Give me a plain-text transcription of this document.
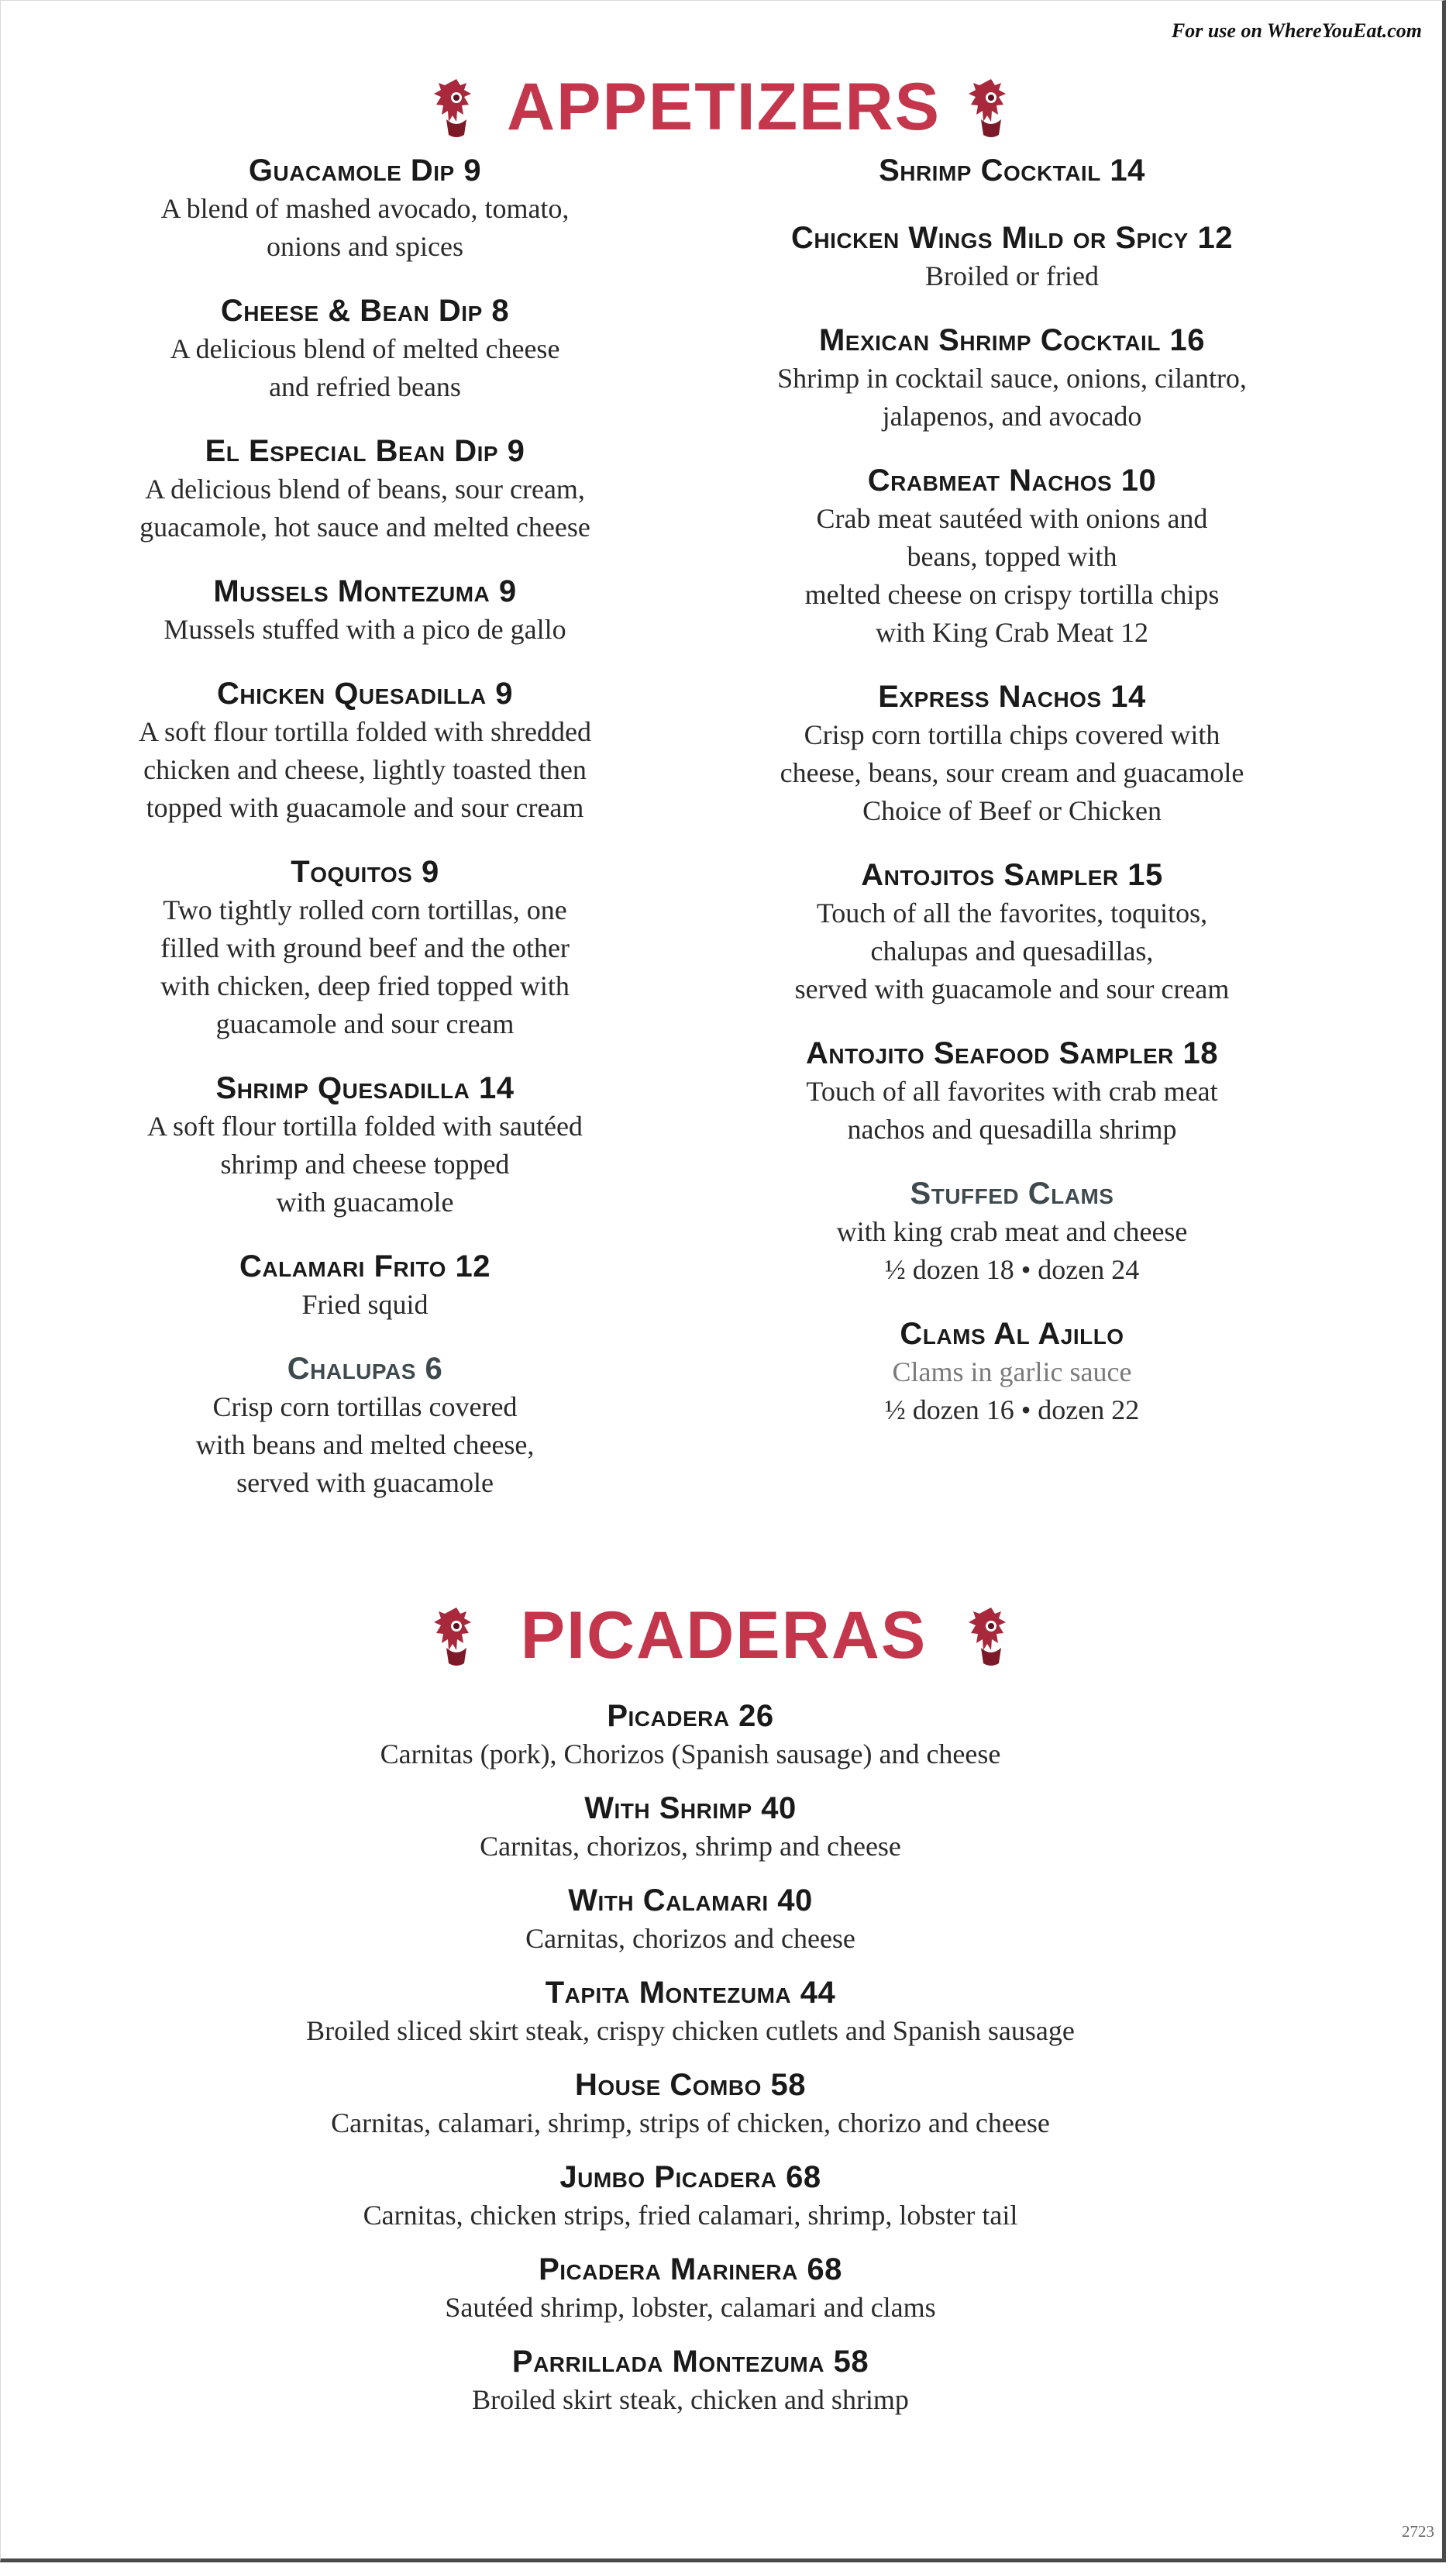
For use on WhereYouEat.com
APPETIZERS
Guacamole Dip 9
A blend of mashed avocado, tomato,
onions and spices
Cheese & Bean Dip 8
A delicious blend of melted cheese
and refried beans
El Especial Bean Dip 9
A delicious blend of beans, sour cream,
guacamole, hot sauce and melted cheese
Mussels Montezuma 9
Mussels stuffed with a pico de gallo
Chicken Quesadilla 9
A soft flour tortilla folded with shredded
chicken and cheese, lightly toasted then
topped with guacamole and sour cream
Toquitos 9
Two tightly rolled corn tortillas, one
filled with ground beef and the other
with chicken, deep fried topped with
guacamole and sour cream
Shrimp Quesadilla 14
A soft flour tortilla folded with sautéed
shrimp and cheese topped
with guacamole
Calamari Frito 12
Fried squid
Chalupas 6
Crisp corn tortillas covered
with beans and melted cheese,
served with guacamole
Shrimp Cocktail 14
Chicken Wings Mild or Spicy 12
Broiled or fried
Mexican Shrimp Cocktail 16
Shrimp in cocktail sauce, onions, cilantro,
jalapenos, and avocado
Crabmeat Nachos 10
Crab meat sautéed with onions and
beans, topped with
melted cheese on crispy tortilla chips
with King Crab Meat 12
Express Nachos 14
Crisp corn tortilla chips covered with
cheese, beans, sour cream and guacamole
Choice of Beef or Chicken
Antojitos Sampler 15
Touch of all the favorites, toquitos,
chalupas and quesadillas,
served with guacamole and sour cream
Antojito Seafood Sampler 18
Touch of all favorites with crab meat
nachos and quesadilla shrimp
Stuffed Clams
with king crab meat and cheese
½ dozen 18 • dozen 24
Clams Al Ajillo
Clams in garlic sauce
½ dozen 16 • dozen 22
PICADERAS
Picadera 26
Carnitas (pork), Chorizos (Spanish sausage) and cheese
With Shrimp 40
Carnitas, chorizos, shrimp and cheese
With Calamari 40
Carnitas, chorizos and cheese
Tapita Montezuma 44
Broiled sliced skirt steak, crispy chicken cutlets and Spanish sausage
House Combo 58
Carnitas, calamari, shrimp, strips of chicken, chorizo and cheese
Jumbo Picadera 68
Carnitas, chicken strips, fried calamari, shrimp, lobster tail
Picadera Marinera 68
Sautéed shrimp, lobster, calamari and clams
Parrillada Montezuma 58
Broiled skirt steak, chicken and shrimp
2723
